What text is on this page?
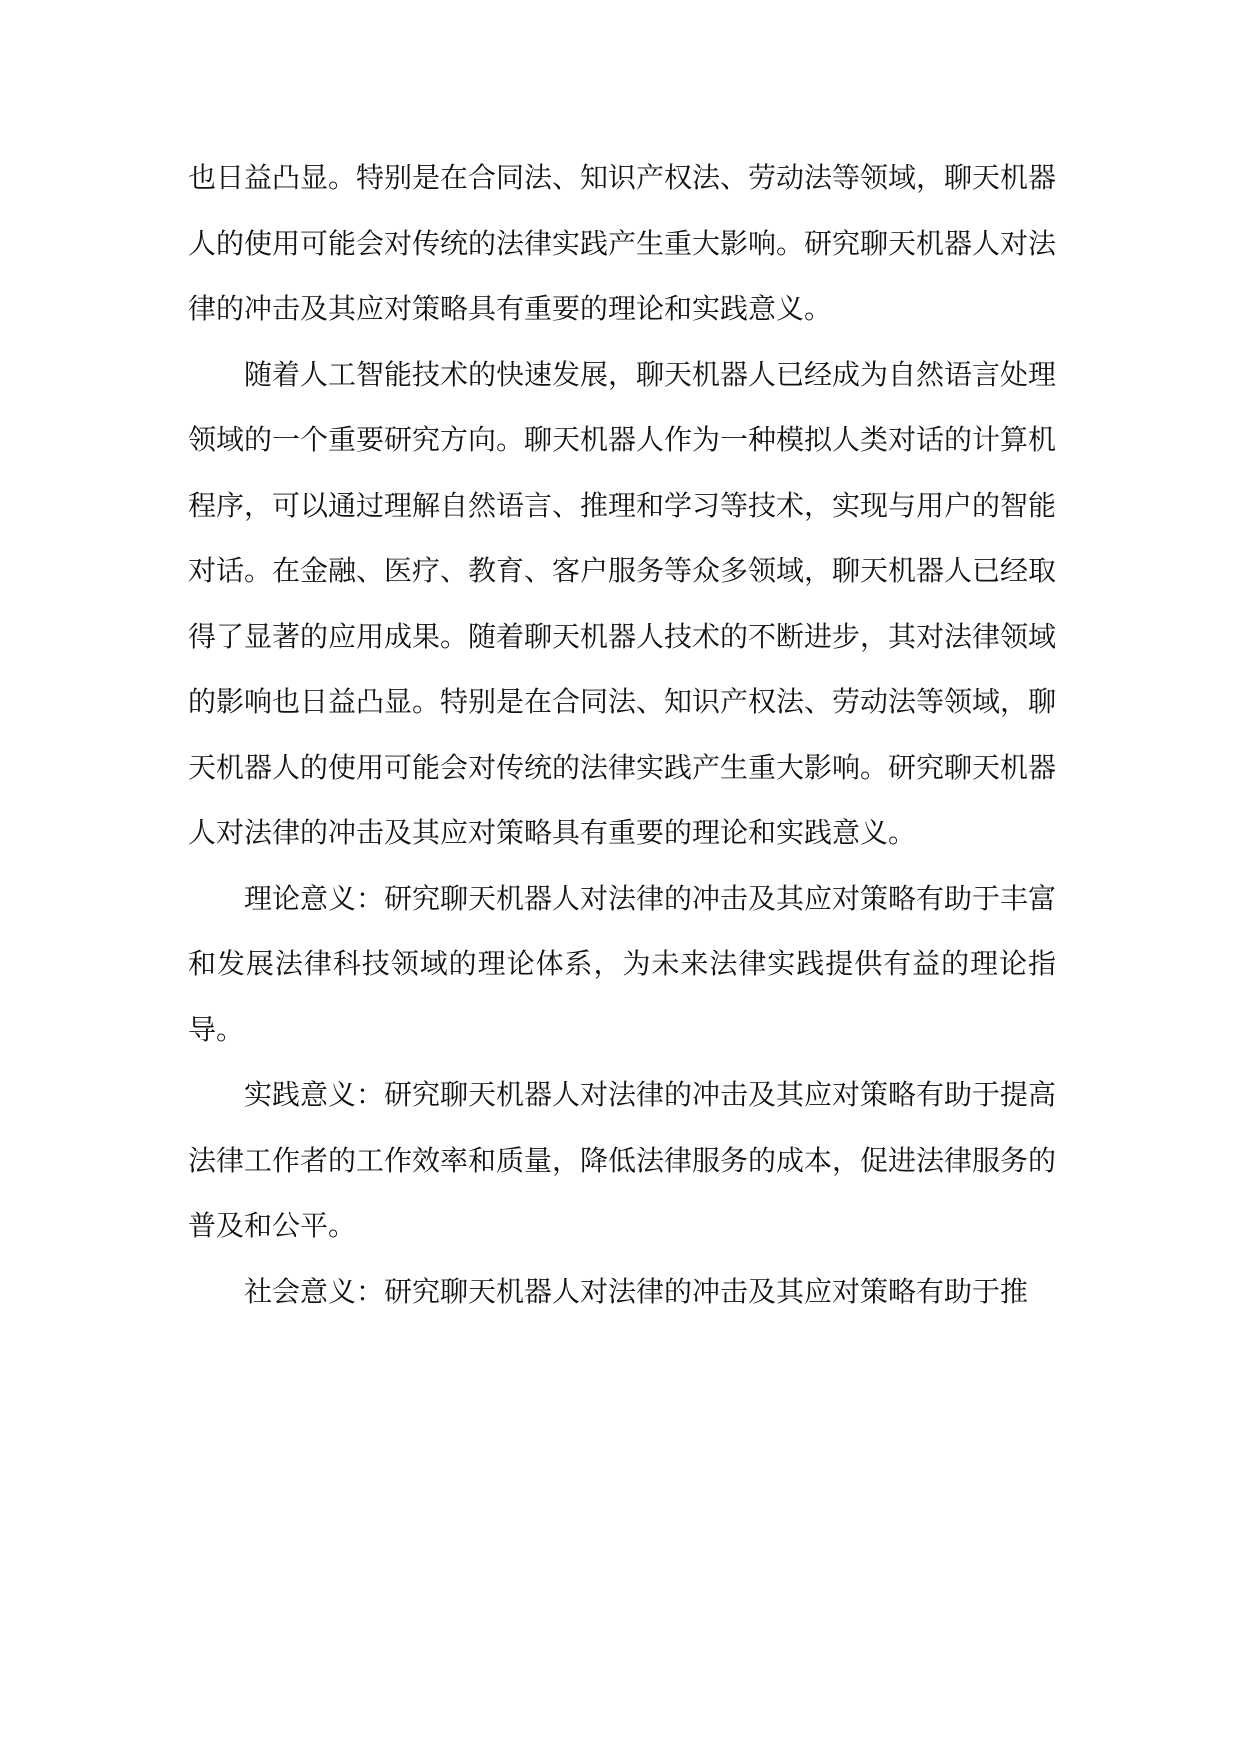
也日益凸显。特别是在合同法、知识产权法、劳动法等领域，聊天机器人的使用可能会对传统的法律实践产生重大影响。研究聊天机器人对法律的冲击及其应对策略具有重要的理论和实践意义。

随着人工智能技术的快速发展，聊天机器人已经成为自然语言处理领域的一个重要研究方向。聊天机器人作为一种模拟人类对话的计算机程序，可以通过理解自然语言、推理和学习等技术，实现与用户的智能对话。在金融、医疗、教育、客户服务等众多领域，聊天机器人已经取得了显著的应用成果。随着聊天机器人技术的不断进步，其对法律领域的影响也日益凸显。特别是在合同法、知识产权法、劳动法等领域，聊天机器人的使用可能会对传统的法律实践产生重大影响。研究聊天机器人对法律的冲击及其应对策略具有重要的理论和实践意义。

理论意义：研究聊天机器人对法律的冲击及其应对策略有助于丰富和发展法律科技领域的理论体系，为未来法律实践提供有益的理论指导。

实践意义：研究聊天机器人对法律的冲击及其应对策略有助于提高法律工作者的工作效率和质量，降低法律服务的成本，促进法律服务的普及和公平。

社会意义：研究聊天机器人对法律的冲击及其应对策略有助于推
